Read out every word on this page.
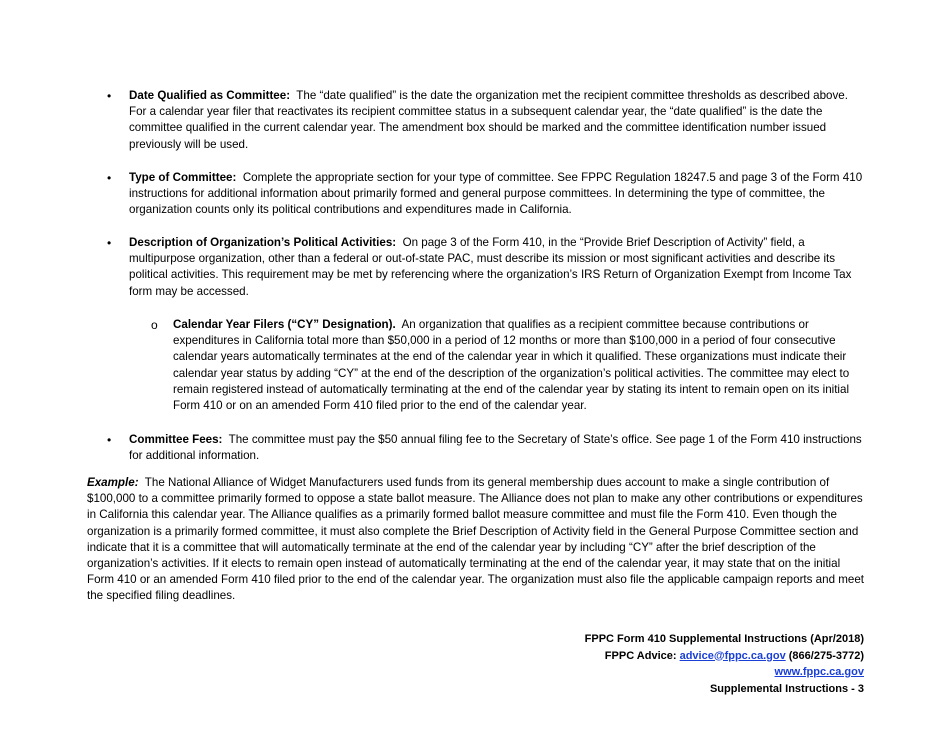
• Date Qualified as Committee: The “date qualified” is the date the organization met the recipient committee thresholds as described above. For a calendar year filer that reactivates its recipient committee status in a subsequent calendar year, the “date qualified” is the date the committee qualified in the current calendar year. The amendment box should be marked and the committee identification number issued previously will be used.

• Type of Committee: Complete the appropriate section for your type of committee. See FPPC Regulation 18247.5 and page 3 of the Form 410 instructions for additional information about primarily formed and general purpose committees. In determining the type of committee, the organization counts only its political contributions and expenditures made in California.

• Description of Organization’s Political Activities: On page 3 of the Form 410, in the “Provide Brief Description of Activity” field, a multipurpose organization, other than a federal or out-of-state PAC, must describe its mission or most significant activities and describe its political activities. This requirement may be met by referencing where the organization’s IRS Return of Organization Exempt from Income Tax form may be accessed.

o Calendar Year Filers (“CY” Designation). An organization that qualifies as a recipient committee because contributions or expenditures in California total more than $50,000 in a period of 12 months or more than $100,000 in a period of four consecutive calendar years automatically terminates at the end of the calendar year in which it qualified. These organizations must indicate their calendar year status by adding “CY” at the end of the description of the organization’s political activities. The committee may elect to remain registered instead of automatically terminating at the end of the calendar year by stating its intent to remain open on its initial Form 410 or on an amended Form 410 filed prior to the end of the calendar year.

• Committee Fees: The committee must pay the $50 annual filing fee to the Secretary of State’s office. See page 1 of the Form 410 instructions for additional information.

Example: The National Alliance of Widget Manufacturers used funds from its general membership dues account to make a single contribution of $100,000 to a committee primarily formed to oppose a state ballot measure. The Alliance does not plan to make any other contributions or expenditures in California this calendar year. The Alliance qualifies as a primarily formed ballot measure committee and must file the Form 410. Even though the organization is a primarily formed committee, it must also complete the Brief Description of Activity field in the General Purpose Committee section and indicate that it is a committee that will automatically terminate at the end of the calendar year by including “CY” after the brief description of the organization’s activities. If it elects to remain open instead of automatically terminating at the end of the calendar year, it may state that on the initial Form 410 or an amended Form 410 filed prior to the end of the calendar year. The organization must also file the applicable campaign reports and meet the specified filing deadlines.

FPPC Form 410 Supplemental Instructions (Apr/2018)
FPPC Advice: advice@fppc.ca.gov (866/275-3772)
www.fppc.ca.gov
Supplemental Instructions - 3
